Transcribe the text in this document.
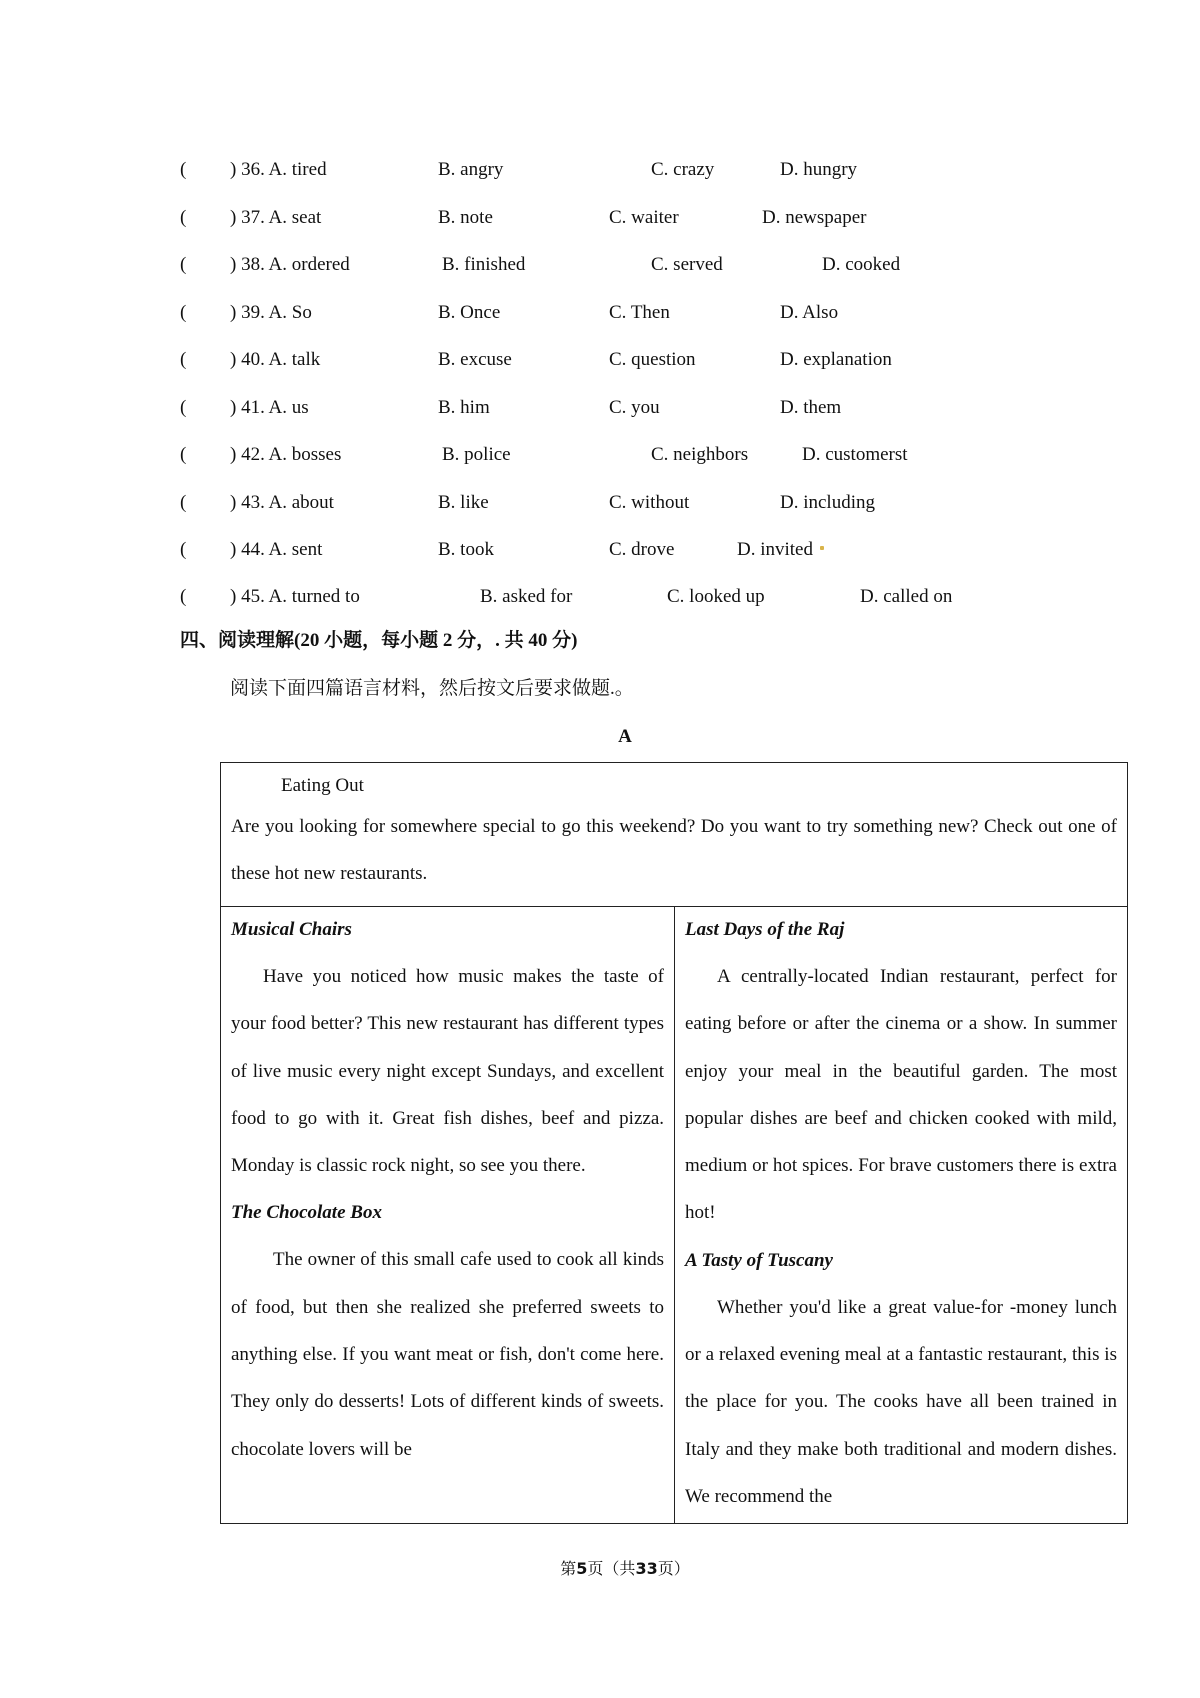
( ) 36. A. tired	B. angry	C. crazy	D. hungry
( ) 37. A. seat	B. note	C. waiter	D. newspaper
( ) 38. A. ordered	B. finished	C. served	D. cooked
( ) 39. A. So	B. Once	C. Then	D. Also
( ) 40. A. talk	B. excuse	C. question	D. explanation
( ) 41. A. us	B. him	C. you	D. them
( ) 42. A. bosses	B. police	C. neighbors	D. customerst
( ) 43. A. about	B. like	C. without	D. including
( ) 44. A. sent	B. took	C. drove	D. invited
( ) 45. A. turned to	B. asked for	C. looked up	D. called on
四、阅读理解(20 小题，每小题 2 分，. 共 40 分)
阅读下面四篇语言材料，然后按文后要求做题.。
A
Eating Out
Are you looking for somewhere special to go this weekend? Do you want to try something new? Check out one of these hot new restaurants.
Musical Chairs
Have you noticed how music makes the taste of your food better? This new restaurant has different types of live music every night except Sundays, and excellent food to go with it. Great fish dishes, beef and pizza. Monday is classic rock night, so see you there.
The Chocolate Box
The owner of this small cafe used to cook all kinds of food, but then she realized she preferred sweets to anything else. If you want meat or fish, don't come here. They only do desserts! Lots of different kinds of sweets. chocolate lovers will be
Last Days of the Raj
A centrally-located Indian restaurant, perfect for eating before or after the cinema or a show. In summer enjoy your meal in the beautiful garden. The most popular dishes are beef and chicken cooked with mild, medium or hot spices. For brave customers there is extra hot!
A Tasty of Tuscany
Whether you'd like a great value-for -money lunch or a relaxed evening meal at a fantastic restaurant, this is the place for you. The cooks have all been trained in Italy and they make both traditional and modern dishes. We recommend the
第5页（共33页）
